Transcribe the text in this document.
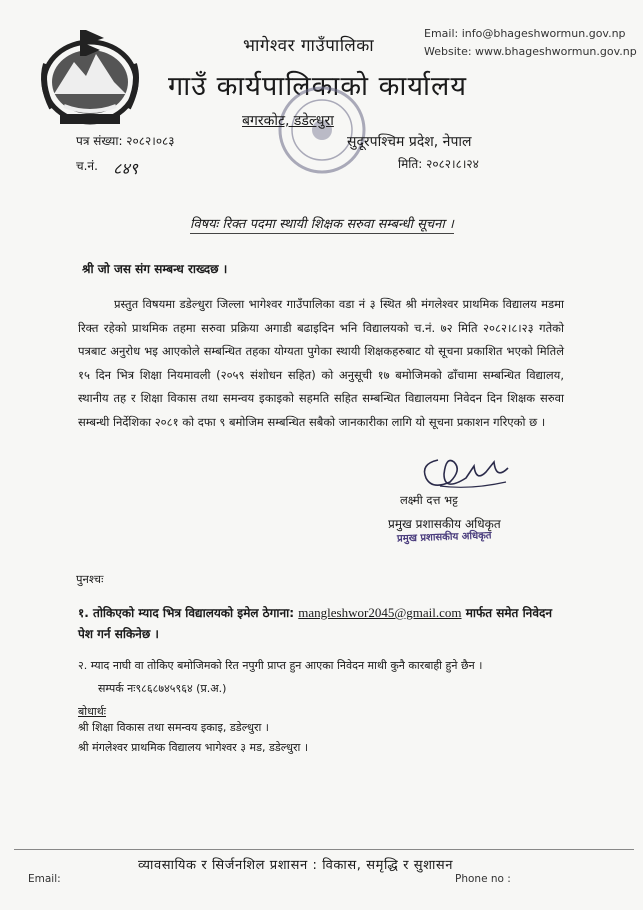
Email: info@bhageshwormun.gov.np
Website: www.bhageshwormun.gov.np
भागेश्वर गाउँपालिका
गाउँ कार्यपालिकाको कार्यालय
बगरकोट, डडेल्धुरा
पत्र संख्या: २०८२।०८३
च.नं. ८४९
सुदूरपश्चिम प्रदेश, नेपाल
मिति: २०८२।८।२४
विषयः रिक्त पदमा स्थायी शिक्षक सरुवा सम्बन्धी सूचना ।
श्री जो जस संग सम्बन्ध राख्दछ ।

प्रस्तुत विषयमा डडेल्धुरा जिल्ला भागेश्वर गाउँपालिका वडा नं ३ स्थित श्री मंगलेश्वर प्राथमिक विद्यालय मडमा रिक्त रहेको प्राथमिक तहमा सरुवा प्रक्रिया अगाडी बढाइदिन भनि विद्यालयको च.नं. ७२ मिति २०८२।८।२३ गतेको पत्रबाट अनुरोध भइ आएकोले सम्बन्धित तहका योग्यता पुगेका स्थायी शिक्षकहरुबाट यो सूचना प्रकाशित भएको मितिले १५ दिन भित्र शिक्षा नियमावली (२०५९ संशोधन सहित) को अनुसूची १७ बमोजिमको ढाँचामा सम्बन्धित विद्यालय, स्थानीय तह र शिक्षा विकास तथा समन्वय इकाइको सहमति सहित सम्बन्धित विद्यालयमा निवेदन दिन शिक्षक सरुवा सम्बन्धी निर्देशिका २०८१ को दफा ९ बमोजिम सम्बन्धित सबैको जानकारीका लागि यो सूचना प्रकाशन गरिएको छ ।

लक्ष्मी दत्त भट्ट
प्रमुख प्रशासकीय अधिकृत
प्रमुख प्रशासकीय अधिकृत
पुनश्चः
१. तोकिएको म्याद भित्र विद्यालयको इमेल ठेगाना: mangleshwor2045@gmail.com मार्फत समेत निवेदन पेश गर्न सकिनेछ ।
२. म्याद नाघी वा तोकिए बमोजिमको रित नपुगी प्राप्त हुन आएका निवेदन माथी कुनै कारबाही हुने छैन ।
सम्पर्क नः९८६८७४५९६४ (प्र.अ.)
बोधार्थः
श्री शिक्षा विकास तथा समन्वय इकाइ, डडेल्धुरा ।
श्री मंगलेश्वर प्राथमिक विद्यालय भागेश्वर ३ मड, डडेल्धुरा ।
व्यावसायिक र सिर्जनशिल प्रशासन : विकास, समृद्धि र सुशासन
Email:	Phone no :
